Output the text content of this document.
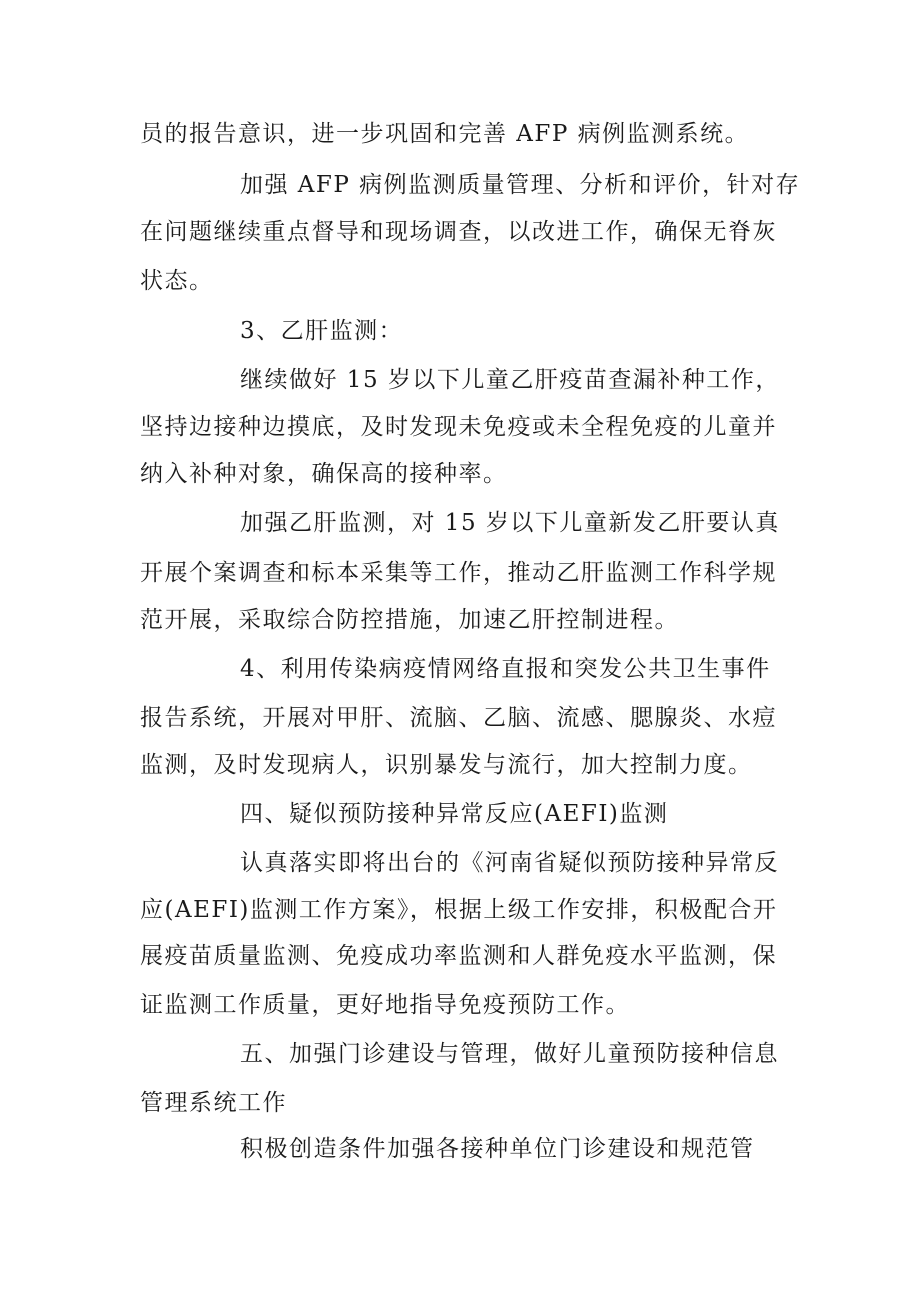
员的报告意识，进一步巩固和完善 AFP 病例监测系统。

加强 AFP 病例监测质量管理、分析和评价，针对存

在问题继续重点督导和现场调查，以改进工作，确保无脊灰

状态。

3、乙肝监测：

继续做好 15 岁以下儿童乙肝疫苗查漏补种工作，

坚持边接种边摸底，及时发现未免疫或未全程免疫的儿童并

纳入补种对象，确保高的接种率。

加强乙肝监测，对 15 岁以下儿童新发乙肝要认真

开展个案调查和标本采集等工作，推动乙肝监测工作科学规

范开展，采取综合防控措施，加速乙肝控制进程。

4、利用传染病疫情网络直报和突发公共卫生事件

报告系统，开展对甲肝、流脑、乙脑、流感、腮腺炎、水痘

监测，及时发现病人，识别暴发与流行，加大控制力度。

四、疑似预防接种异常反应(AEFI)监测

认真落实即将出台的《河南省疑似预防接种异常反

应(AEFI)监测工作方案》，根据上级工作安排，积极配合开

展疫苗质量监测、免疫成功率监测和人群免疫水平监测，保

证监测工作质量，更好地指导免疫预防工作。

五、加强门诊建设与管理，做好儿童预防接种信息

管理系统工作

积极创造条件加强各接种单位门诊建设和规范管
